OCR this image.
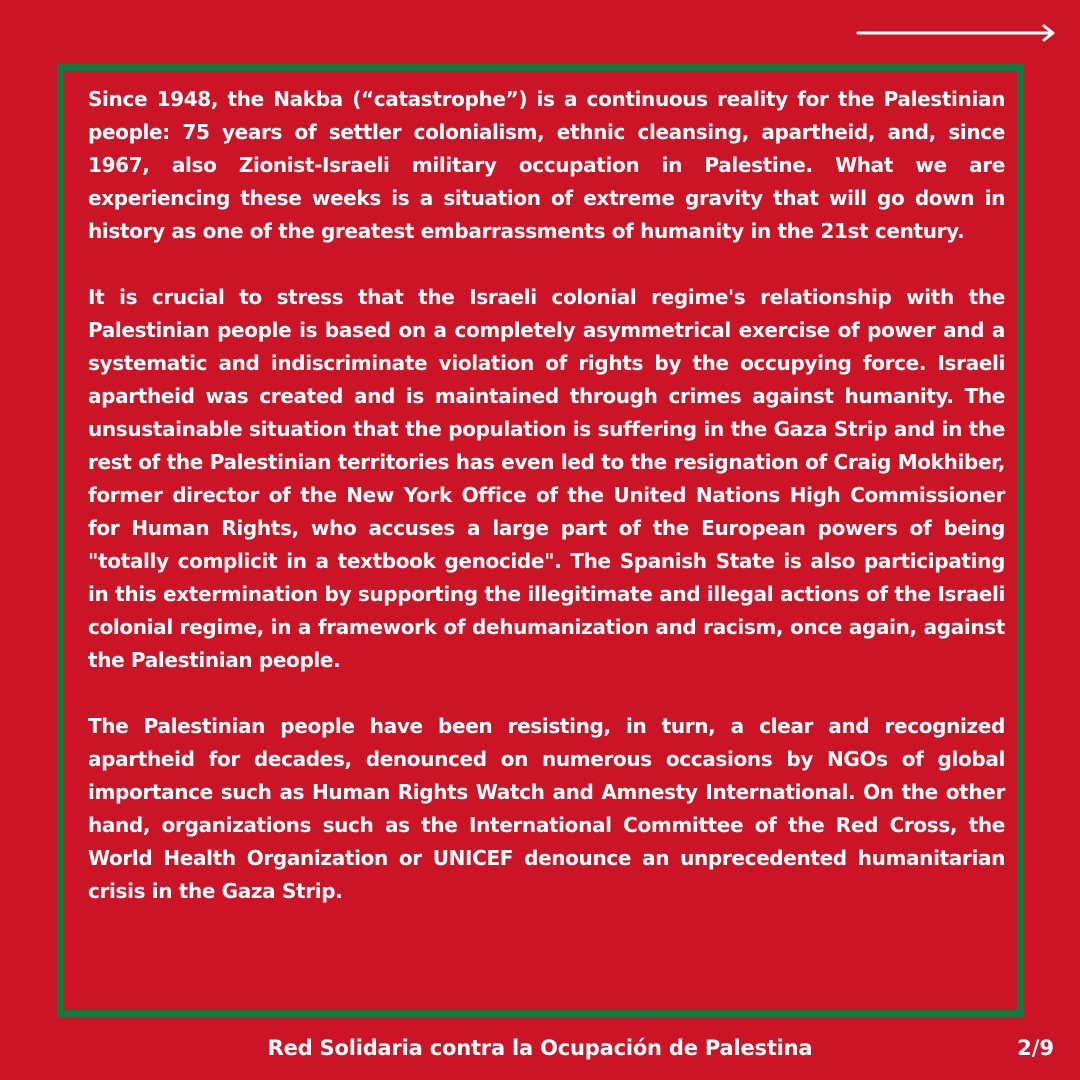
Since 1948, the Nakba (“catastrophe”) is a continuous reality for the Palestinian people: 75 years of settler colonialism, ethnic cleansing, apartheid, and, since 1967, also Zionist-Israeli military occupation in Palestine. What we are experiencing these weeks is a situation of extreme gravity that will go down in history as one of the greatest embarrassments of humanity in the 21st century.

It is crucial to stress that the Israeli colonial regime's relationship with the Palestinian people is based on a completely asymmetrical exercise of power and a systematic and indiscriminate violation of rights by the occupying force. Israeli apartheid was created and is maintained through crimes against humanity. The unsustainable situation that the population is suffering in the Gaza Strip and in the rest of the Palestinian territories has even led to the resignation of Craig Mokhiber, former director of the New York Office of the United Nations High Commissioner for Human Rights, who accuses a large part of the European powers of being "totally complicit in a textbook genocide". The Spanish State is also participating in this extermination by supporting the illegitimate and illegal actions of the Israeli colonial regime, in a framework of dehumanization and racism, once again, against the Palestinian people.

The Palestinian people have been resisting, in turn, a clear and recognized apartheid for decades, denounced on numerous occasions by NGOs of global importance such as Human Rights Watch and Amnesty International. On the other hand, organizations such as the International Committee of the Red Cross, the World Health Organization or UNICEF denounce an unprecedented humanitarian crisis in the Gaza Strip.

Red Solidaria contra la Ocupación de Palestina	2/9
